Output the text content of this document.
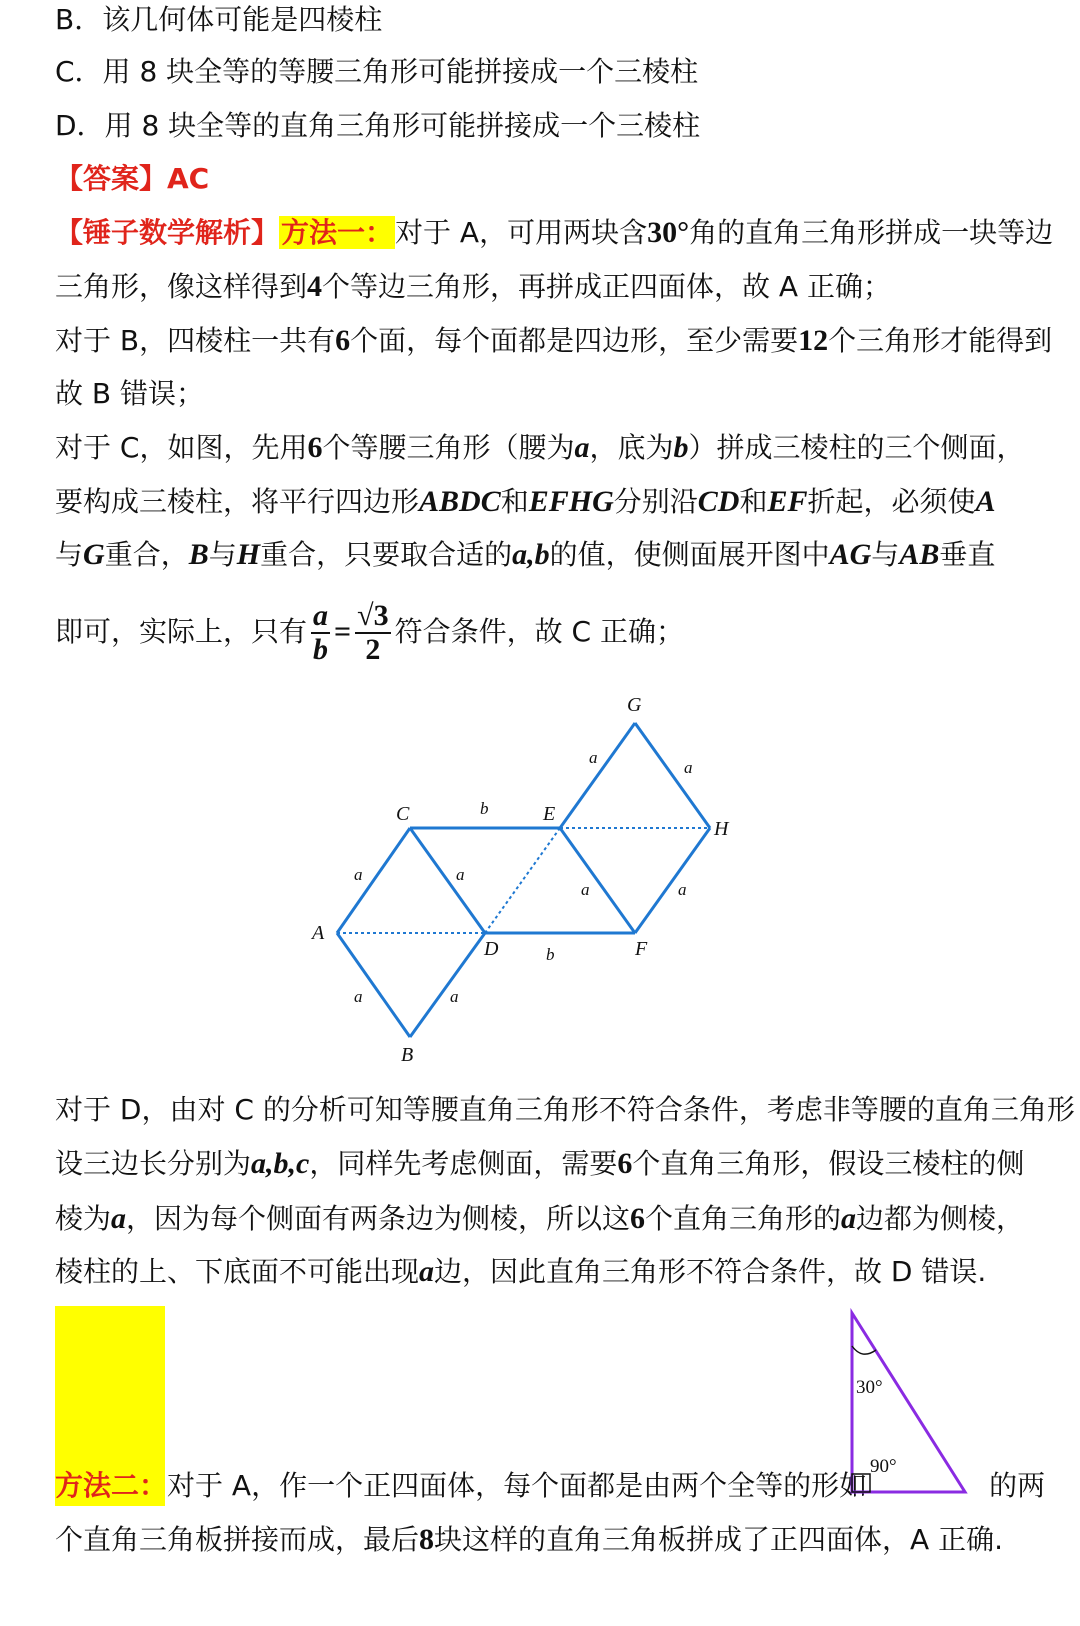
B．该几何体可能是四棱柱
C．用 8 块全等的等腰三角形可能拼接成一个三棱柱
D．用 8 块全等的直角三角形可能拼接成一个三棱柱
【答案】AC
【锤子数学解析】方法一：对于 A，可用两块含30°角的直角三角形拼成一块等边
三角形，像这样得到4个等边三角形，再拼成正四面体，故 A 正确；
对于 B，四棱柱一共有6个面，每个面都是四边形，至少需要12个三角形才能得到
故 B 错误；
对于 C，如图，先用6个等腰三角形（腰为a，底为b）拼成三棱柱的三个侧面，
要构成三棱柱，将平行四边形ABDC和EFHG分别沿CD和EF折起，必须使A
与G重合，B与H重合，只要取合适的a,b的值，使侧面展开图中AG与AB垂直
即可，实际上，只有 $\frac{a}{b} = \frac{√3}{2}$ 符合条件，故 C 正确；
G
C	E
H
A
D	F
B
a
a
a	a
a	a
a	a
b
b
对于 D，由对 C 的分析可知等腰直角三角形不符合条件，考虑非等腰的直角三角形
设三边长分别为a,b,c，同样先考虑侧面，需要6个直角三角形，假设三棱柱的侧
棱为a，因为每个侧面有两条边为侧棱，所以这6个直角三角形的a边都为侧棱，
棱柱的上、下底面不可能出现a边，因此直角三角形不符合条件，故 D 错误.
方法二：对于 A，作一个正四面体，每个面都是由两个全等的形如	的两
个直角三角板拼接而成，最后8块这样的直角三角板拼成了正四面体，A 正确.
30°
90°
